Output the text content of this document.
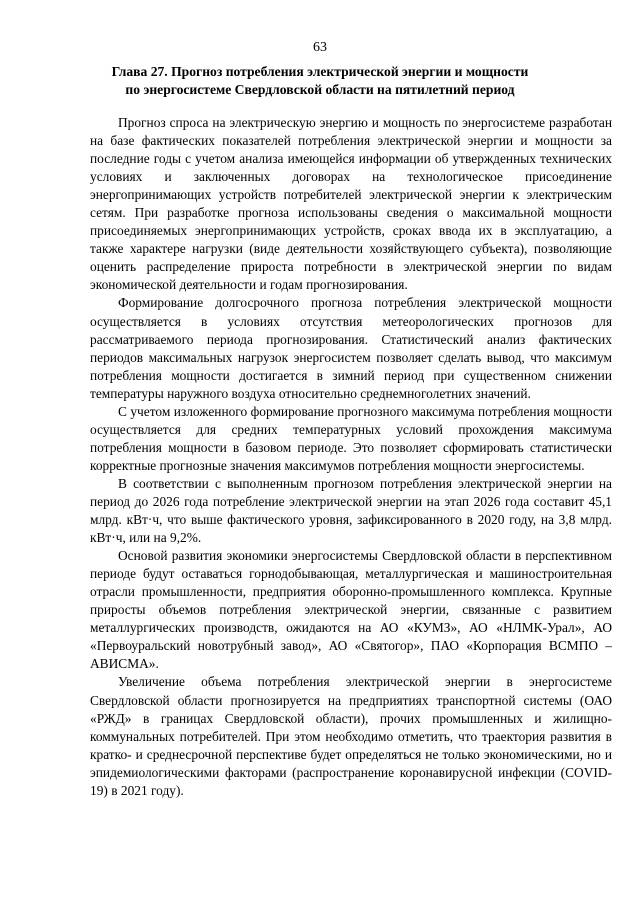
63
Глава 27. Прогноз потребления электрической энергии и мощности
по энергосистеме Свердловской области на пятилетний период

Прогноз спроса на электрическую энергию и мощность по энергосистеме разработан на базе фактических показателей потребления электрической энергии и мощности за последние годы с учетом анализа имеющейся информации об утвержденных технических условиях и заключенных договорах на технологическое присоединение энергопринимающих устройств потребителей электрической энергии к электрическим сетям. При разработке прогноза использованы сведения о максимальной мощности присоединяемых энергопринимающих устройств, сроках ввода их в эксплуатацию, а также характере нагрузки (виде деятельности хозяйствующего субъекта), позволяющие оценить распределение прироста потребности в электрической энергии по видам экономической деятельности и годам прогнозирования.

Формирование долгосрочного прогноза потребления электрической мощности осуществляется в условиях отсутствия метеорологических прогнозов для рассматриваемого периода прогнозирования. Статистический анализ фактических периодов максимальных нагрузок энергосистем позволяет сделать вывод, что максимум потребления мощности достигается в зимний период при существенном снижении температуры наружного воздуха относительно среднемноголетних значений.

С учетом изложенного формирование прогнозного максимума потребления мощности осуществляется для средних температурных условий прохождения максимума потребления мощности в базовом периоде. Это позволяет сформировать статистически корректные прогнозные значения максимумов потребления мощности энергосистемы.

В соответствии с выполненным прогнозом потребления электрической энергии на период до 2026 года потребление электрической энергии на этап 2026 года составит 45,1 млрд. кВт·ч, что выше фактического уровня, зафиксированного в 2020 году, на 3,8 млрд. кВт·ч, или на 9,2%.

Основой развития экономики энергосистемы Свердловской области в перспективном периоде будут оставаться горнодобывающая, металлургическая и машиностроительная отрасли промышленности, предприятия оборонно-промышленного комплекса. Крупные приросты объемов потребления электрической энергии, связанные с развитием металлургических производств, ожидаются на АО «КУМЗ», АО «НЛМК-Урал», АО «Первоуральский новотрубный завод», АО «Святогор», ПАО «Корпорация ВСМПО – АВИСМА».

Увеличение объема потребления электрической энергии в энергосистеме Свердловской области прогнозируется на предприятиях транспортной системы (ОАО «РЖД» в границах Свердловской области), прочих промышленных и жилищно-коммунальных потребителей. При этом необходимо отметить, что траектория развития в кратко- и среднесрочной перспективе будет определяться не только экономическими, но и эпидемиологическими факторами (распространение коронавирусной инфекции (COVID-19) в 2021 году).
